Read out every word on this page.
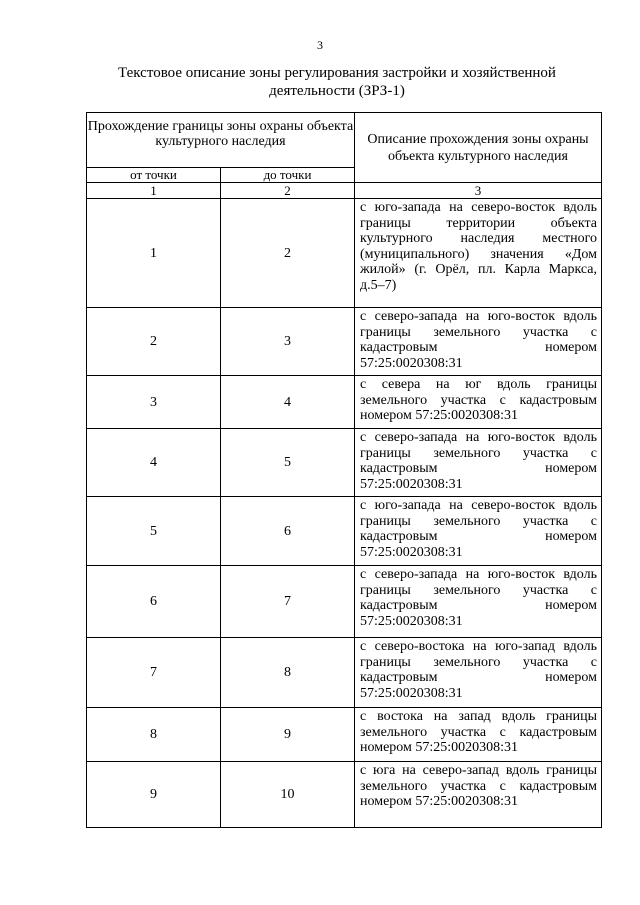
3
Текстовое описание зоны регулирования застройки и хозяйственной деятельности (ЗРЗ-1)
Прохождение границы зоны охраны объекта культурного наследия		Описание прохождения зоны охраны объекта культурного наследия
от точки	до точки	
1	2	3
1	2	с юго-запада на северо-восток вдоль границы территории объекта культурного наследия местного (муниципального) значения «Дом жилой» (г. Орёл, пл. Карла Маркса, д.5–7)
2	3	с северо-запада на юго-восток вдоль границы земельного участка с кадастровым номером 57:25:0020308:31
3	4	с севера на юг вдоль границы земельного участка с кадастровым номером 57:25:0020308:31
4	5	с северо-запада на юго-восток вдоль границы земельного участка с кадастровым номером 57:25:0020308:31
5	6	с юго-запада на северо-восток вдоль границы земельного участка с кадастровым номером 57:25:0020308:31
6	7	с северо-запада на юго-восток вдоль границы земельного участка с кадастровым номером 57:25:0020308:31
7	8	с северо-востока на юго-запад вдоль границы земельного участка с кадастровым номером 57:25:0020308:31
8	9	с востока на запад вдоль границы земельного участка с кадастровым номером 57:25:0020308:31
9	10	с юга на северо-запад вдоль границы земельного участка с кадастровым номером 57:25:0020308:31
